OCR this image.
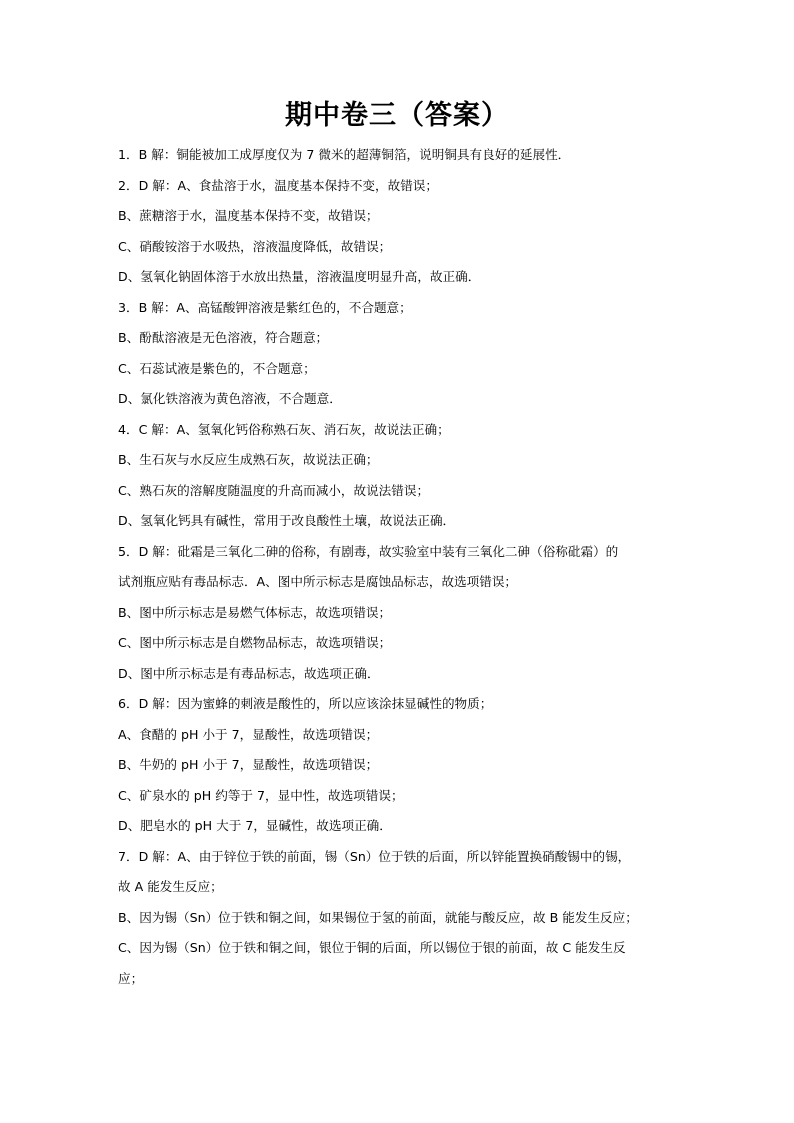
期中卷三（答案）
1．B 解：铜能被加工成厚度仅为 7 微米的超薄铜箔，说明铜具有良好的延展性．
2．D 解：A、食盐溶于水，温度基本保持不变，故错误；
B、蔗糖溶于水，温度基本保持不变，故错误；
C、硝酸铵溶于水吸热，溶液温度降低，故错误；
D、氢氧化钠固体溶于水放出热量，溶液温度明显升高，故正确．
3．B 解：A、高锰酸钾溶液是紫红色的，不合题意；
B、酚酞溶液是无色溶液，符合题意；
C、石蕊试液是紫色的，不合题意；
D、氯化铁溶液为黄色溶液，不合题意．
4．C 解：A、氢氧化钙俗称熟石灰、消石灰，故说法正确；
B、生石灰与水反应生成熟石灰，故说法正确；
C、熟石灰的溶解度随温度的升高而减小，故说法错误；
D、氢氧化钙具有碱性，常用于改良酸性土壤，故说法正确．
5．D 解：砒霜是三氧化二砷的俗称，有剧毒，故实验室中装有三氧化二砷（俗称砒霜）的
试剂瓶应贴有毒品标志．A、图中所示标志是腐蚀品标志，故选项错误；
B、图中所示标志是易燃气体标志，故选项错误；
C、图中所示标志是自燃物品标志，故选项错误；
D、图中所示标志是有毒品标志，故选项正确．
6．D 解：因为蜜蜂的刺液是酸性的，所以应该涂抹显碱性的物质；
A、食醋的 pH 小于 7，显酸性，故选项错误；
B、牛奶的 pH 小于 7，显酸性，故选项错误；
C、矿泉水的 pH 约等于 7，显中性，故选项错误；
D、肥皂水的 pH 大于 7，显碱性，故选项正确．
7．D 解：A、由于锌位于铁的前面，锡（Sn）位于铁的后面，所以锌能置换硝酸锡中的锡，
故 A 能发生反应；
B、因为锡（Sn）位于铁和铜之间，如果锡位于氢的前面，就能与酸反应，故 B 能发生反应；
C、因为锡（Sn）位于铁和铜之间，银位于铜的后面，所以锡位于银的前面，故 C 能发生反
应；
